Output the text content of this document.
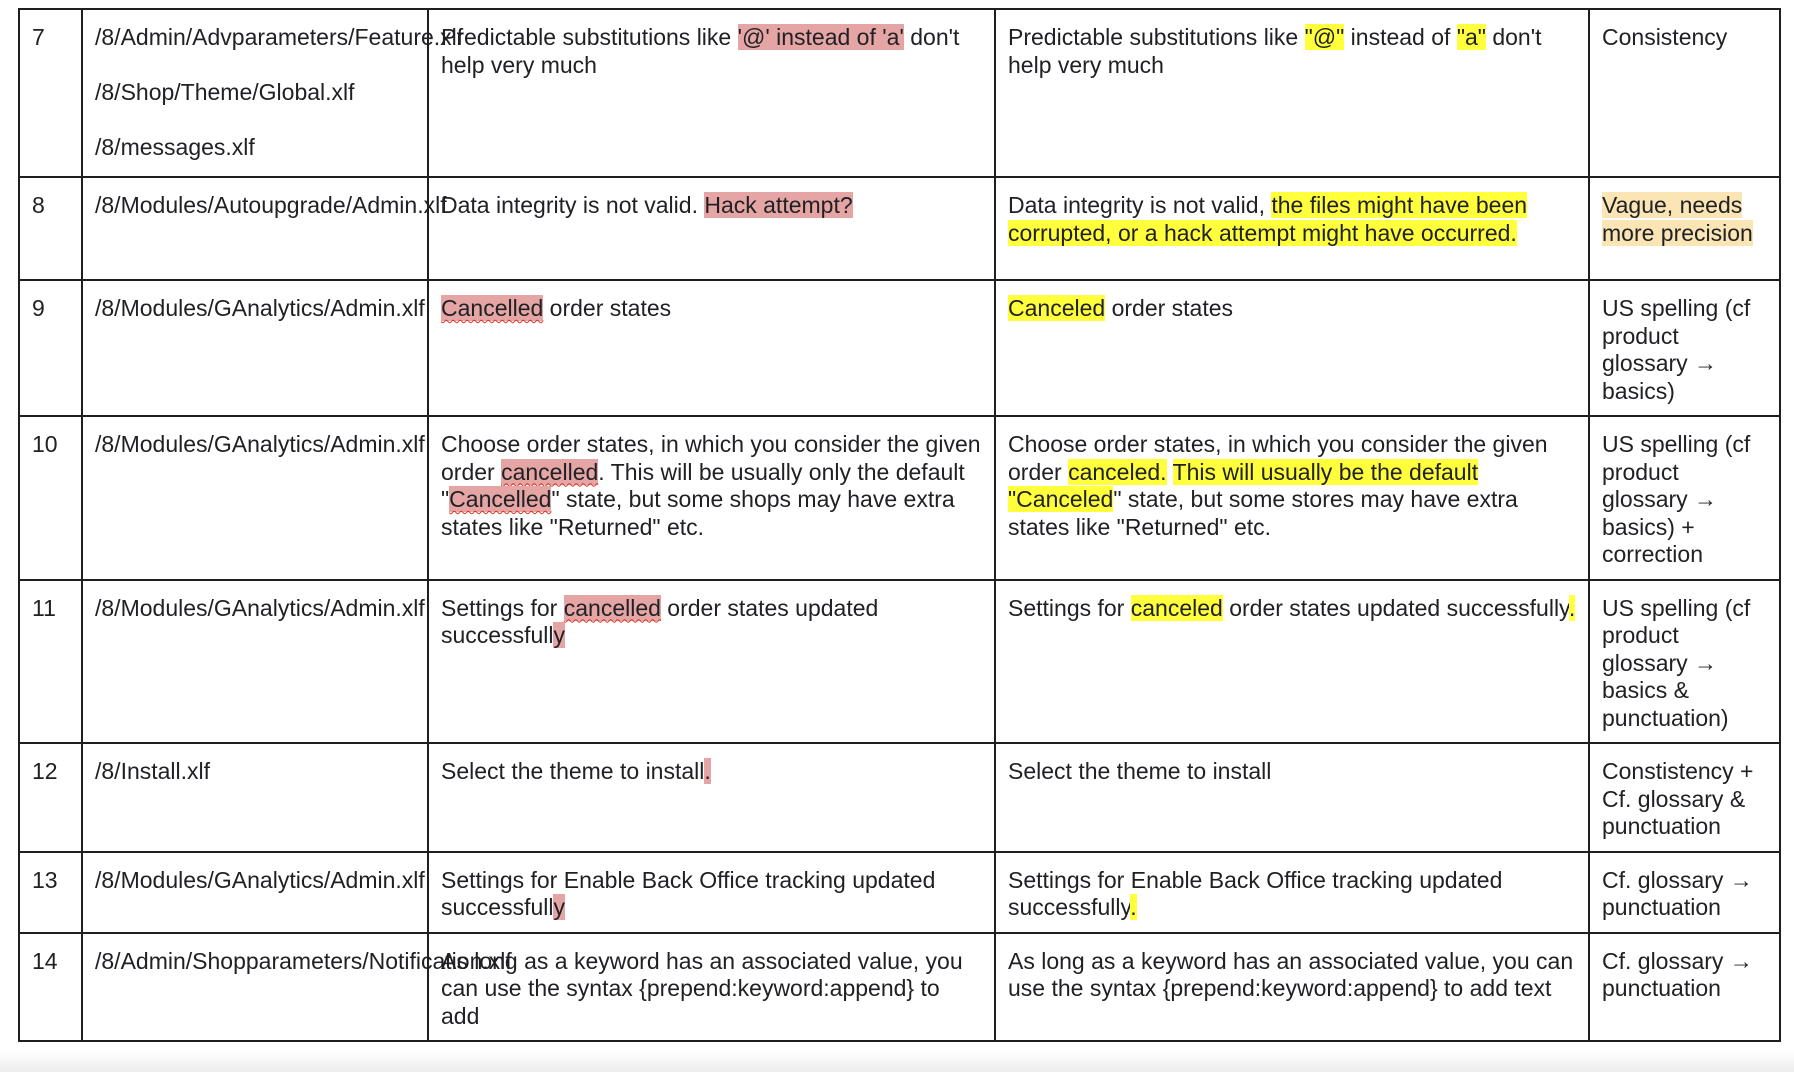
7	/8/Admin/Advparameters/Feature.xlf
/8/Shop/Theme/Global.xlf
/8/messages.xlf	Predictable substitutions like '@' instead of 'a' don't help very much	Predictable substitutions like "@" instead of "a" don't help very much	Consistency
8	/8/Modules/Autoupgrade/Admin.xlf	Data integrity is not valid. Hack attempt?	Data integrity is not valid, the files might have been corrupted, or a hack attempt might have occurred.	Vague, needs more precision
9	/8/Modules/GAnalytics/Admin.xlf	Cancelled order states	Canceled order states	US spelling (cf product glossary → basics)
10	/8/Modules/GAnalytics/Admin.xlf	Choose order states, in which you consider the given order cancelled. This will be usually only the default "Cancelled" state, but some shops may have extra states like "Returned" etc.	Choose order states, in which you consider the given order canceled. This will usually be the default "Canceled" state, but some stores may have extra states like "Returned" etc.	US spelling (cf product glossary → basics) + correction
11	/8/Modules/GAnalytics/Admin.xlf	Settings for cancelled order states updated successfully	Settings for canceled order states updated successfully.	US spelling (cf product glossary → basics & punctuation)
12	/8/Install.xlf	Select the theme to install.	Select the theme to install	Constistency + Cf. glossary & punctuation
13	/8/Modules/GAnalytics/Admin.xlf	Settings for Enable Back Office tracking updated successfully	Settings for Enable Back Office tracking updated successfully.	Cf. glossary → punctuation
14	/8/Admin/Shopparameters/Notification.xlf	As long as a keyword has an associated value, you can use the syntax {prepend:keyword:append} to add	As long as a keyword has an associated value, you can use the syntax {prepend:keyword:append} to add text	Cf. glossary → punctuation
